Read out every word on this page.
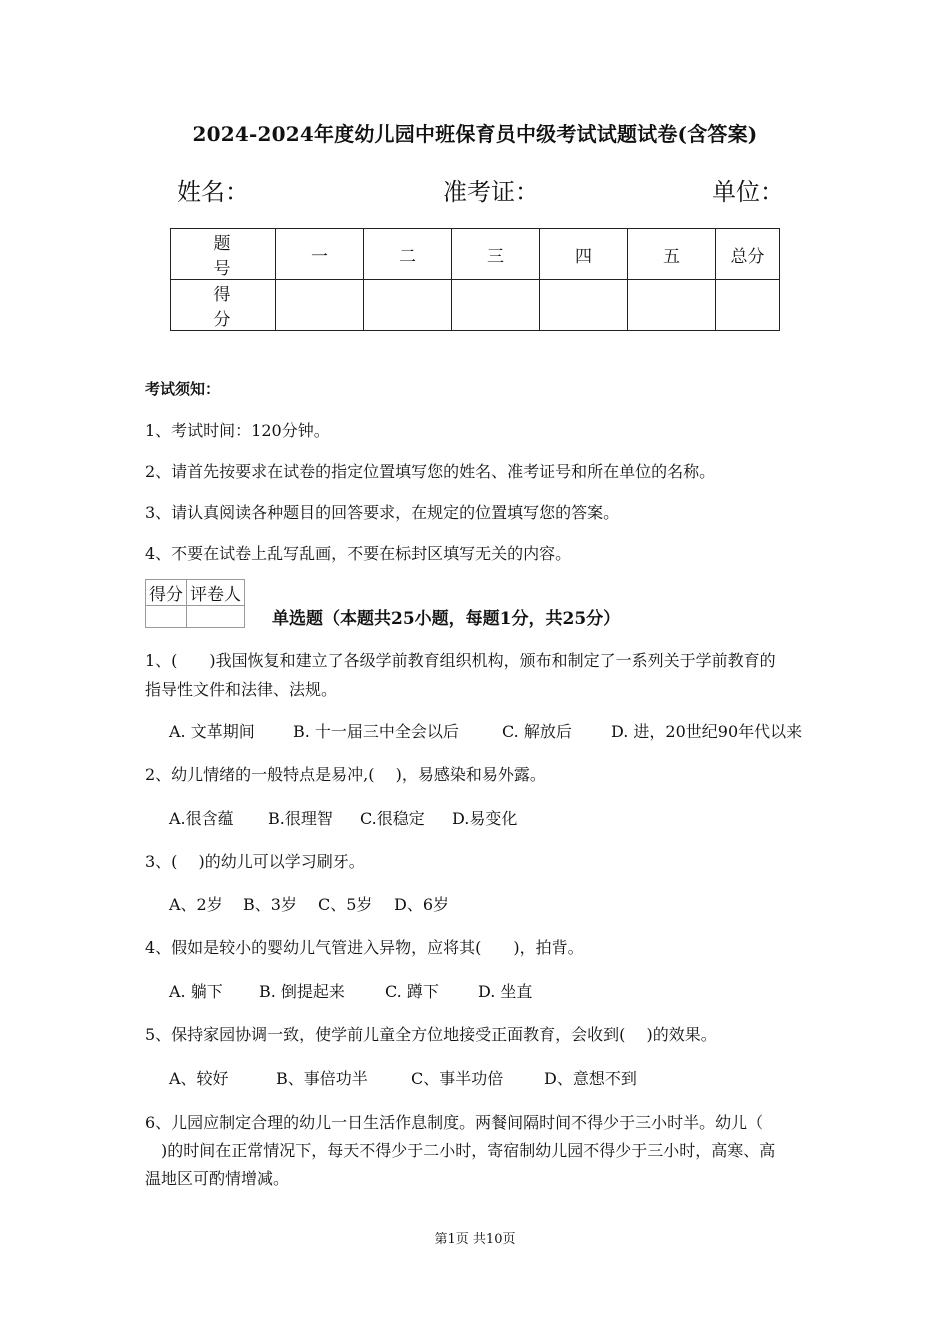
2024-2024年度幼儿园中班保育员中级考试试题试卷(含答案)
姓名：	准考证：	单位：
题 号	一	二	三	四	五	总分
得 分						
考试须知：
1、考试时间：120分钟。
2、请首先按要求在试卷的指定位置填写您的姓名、准考证号和所在单位的名称。
3、请认真阅读各种题目的回答要求，在规定的位置填写您的答案。
4、不要在试卷上乱写乱画，不要在标封区填写无关的内容。
得分	评卷人

单选题（本题共25小题，每题1分，共25分）
1、(　　)我国恢复和建立了各级学前教育组织机构，颁布和制定了一系列关于学前教育的
指导性文件和法律、法规。
A. 文革期间 B. 十一届三中全会以后	C. 解放后 D. 进，20世纪90年代以来
2、幼儿情绪的一般特点是易冲,(　 )，易感染和易外露。
A.很含蕴 B.很理智 C.很稳定 D.易变化
3、(　 )的幼儿可以学习刷牙。
A、2岁 B、3岁 C、5岁 D、6岁
4、假如是较小的婴幼儿气管进入异物，应将其(　　)，拍背。
A. 躺下 B. 倒提起来	C. 蹲下 D. 坐直
5、保持家园协调一致，使学前儿童全方位地接受正面教育，会收到(　 )的效果。
A、较好	B、事倍功半	C、事半功倍	D、意想不到
6、儿园应制定合理的幼儿一日生活作息制度。两餐间隔时间不得少于三小时半。幼儿（
　)的时间在正常情况下，每天不得少于二小时，寄宿制幼儿园不得少于三小时，高寒、高
温地区可酌情增减。
第1页 共10页
